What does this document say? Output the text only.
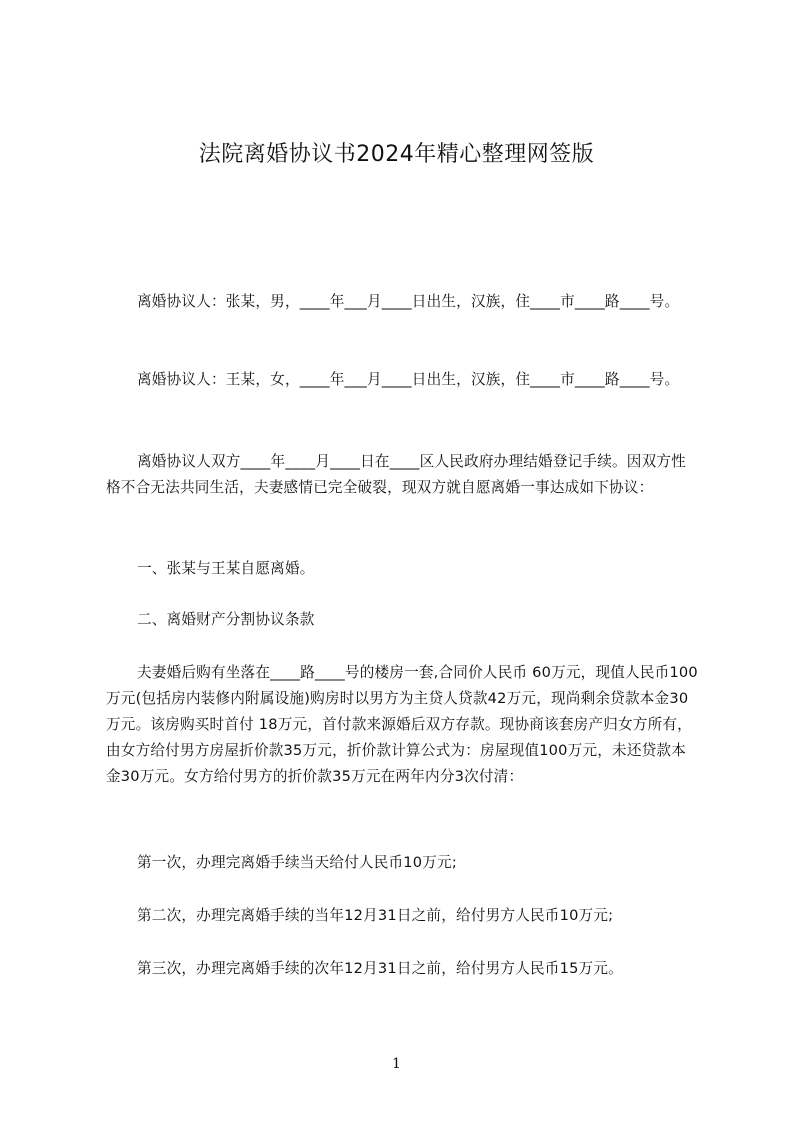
法院离婚协议书2024年精心整理网签版

离婚协议人：张某，男，____年___月____日出生，汉族，住____市____路____号。

离婚协议人：王某，女，____年___月____日出生，汉族，住____市____路____号。

离婚协议人双方____年____月____日在____区人民政府办理结婚登记手续。因双方性格不合无法共同生活，夫妻感情已完全破裂，现双方就自愿离婚一事达成如下协议：

一、张某与王某自愿离婚。

二、离婚财产分割协议条款

夫妻婚后购有坐落在____路____号的楼房一套,合同价人民币 60万元，现值人民币100万元(包括房内装修内附属设施)购房时以男方为主贷人贷款42万元，现尚剩余贷款本金30万元。该房购买时首付 18万元，首付款来源婚后双方存款。现协商该套房产归女方所有，由女方给付男方房屋折价款35万元，折价款计算公式为：房屋现值100万元，未还贷款本金30万元。女方给付男方的折价款35万元在两年内分3次付清：

第一次，办理完离婚手续当天给付人民币10万元;

第二次，办理完离婚手续的当年12月31日之前，给付男方人民币10万元;

第三次，办理完离婚手续的次年12月31日之前，给付男方人民币15万元。

1
